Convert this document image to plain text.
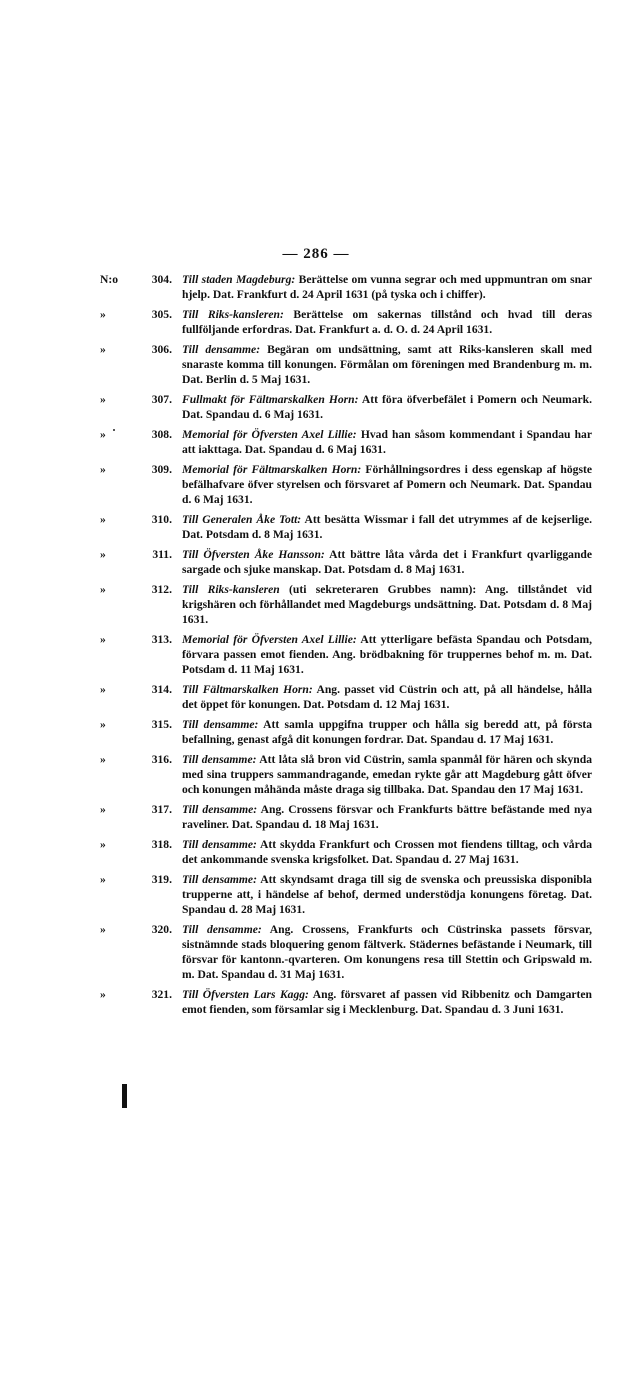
— 286 —
N:o	304. Till staden Magdeburg: Berättelse om vunna segrar och med uppmuntran om snar hjelp. Dat. Frankfurt d. 24 April 1631 (på tyska och i chiffer).
»	305. Till Riks-kansleren: Berättelse om sakernas tillstånd och hvad till deras fullföljande erfordras. Dat. Frankfurt a. d. O. d. 24 April 1631.
»	306. Till densamme: Begäran om undsättning, samt att Riks-kansleren skall med snaraste komma till konungen. Förmålan om föreningen med Brandenburg m. m. Dat. Berlin d. 5 Maj 1631.
»	307. Fullmakt för Fältmarskalken Horn: Att föra öfverbefälet i Pomern och Neumark. Dat. Spandau d. 6 Maj 1631.
»	308. Memorial för Öfversten Axel Lillie: Hvad han såsom kommendant i Spandau har att iakttaga. Dat. Spandau d. 6 Maj 1631.
»	309. Memorial för Fältmarskalken Horn: Förhållningsordres i dess egenskap af högste befälhafvare öfver styrelsen och försvaret af Pomern och Neumark. Dat. Spandau d. 6 Maj 1631.
»	310. Till Generalen Åke Tott: Att besätta Wissmar i fall det utrymmes af de kejserlige. Dat. Potsdam d. 8 Maj 1631.
»	311. Till Öfversten Åke Hansson: Att bättre låta vårda det i Frankfurt qvarliggande sargade och sjuke manskap. Dat. Potsdam d. 8 Maj 1631.
»	312. Till Riks-kansleren (uti sekreteraren Grubbes namn): Ang. tillståndet vid krigshären och förhållandet med Magdeburgs undsättning. Dat. Potsdam d. 8 Maj 1631.
»	313. Memorial för Öfversten Axel Lillie: Att ytterligare befästa Spandau och Potsdam, förvara passen emot fienden. Ang. brödbakning för truppernes behof m. m. Dat. Potsdam d. 11 Maj 1631.
»	314. Till Fältmarskalken Horn: Ang. passet vid Cüstrin och att, på all händelse, hålla det öppet för konungen. Dat. Potsdam d. 12 Maj 1631.
»	315. Till densamme: Att samla uppgifna trupper och hålla sig beredd att, på första befallning, genast afgå dit konungen fordrar. Dat. Spandau d. 17 Maj 1631.
»	316. Till densamme: Att låta slå bron vid Cüstrin, samla spanmål för hären och skynda med sina truppers sammandragande, emedan rykte går att Magdeburg gått öfver och konungen måhända måste draga sig tillbaka. Dat. Spandau den 17 Maj 1631.
»	317. Till densamme: Ang. Crossens försvar och Frankfurts bättre befästande med nya raveliner. Dat. Spandau d. 18 Maj 1631.
»	318. Till densamme: Att skydda Frankfurt och Crossen mot fiendens tilltag, och vårda det ankommande svenska krigsfolket. Dat. Spandau d. 27 Maj 1631.
»	319. Till densamme: Att skyndsamt draga till sig de svenska och preussiska disponibla trupperne att, i händelse af behof, dermed understödja konungens företag. Dat. Spandau d. 28 Maj 1631.
»	320. Till densamme: Ang. Crossens, Frankfurts och Cüstrinska passets försvar, sistnämnde stads bloquering genom fältverk. Städernes befästande i Neumark, till försvar för kantonn.-qvarteren. Om konungens resa till Stettin och Gripswald m. m. Dat. Spandau d. 31 Maj 1631.
»	321. Till Öfversten Lars Kagg: Ang. försvaret af passen vid Ribbenitz och Damgarten emot fienden, som församlar sig i Mecklenburg. Dat. Spandau d. 3 Juni 1631.
